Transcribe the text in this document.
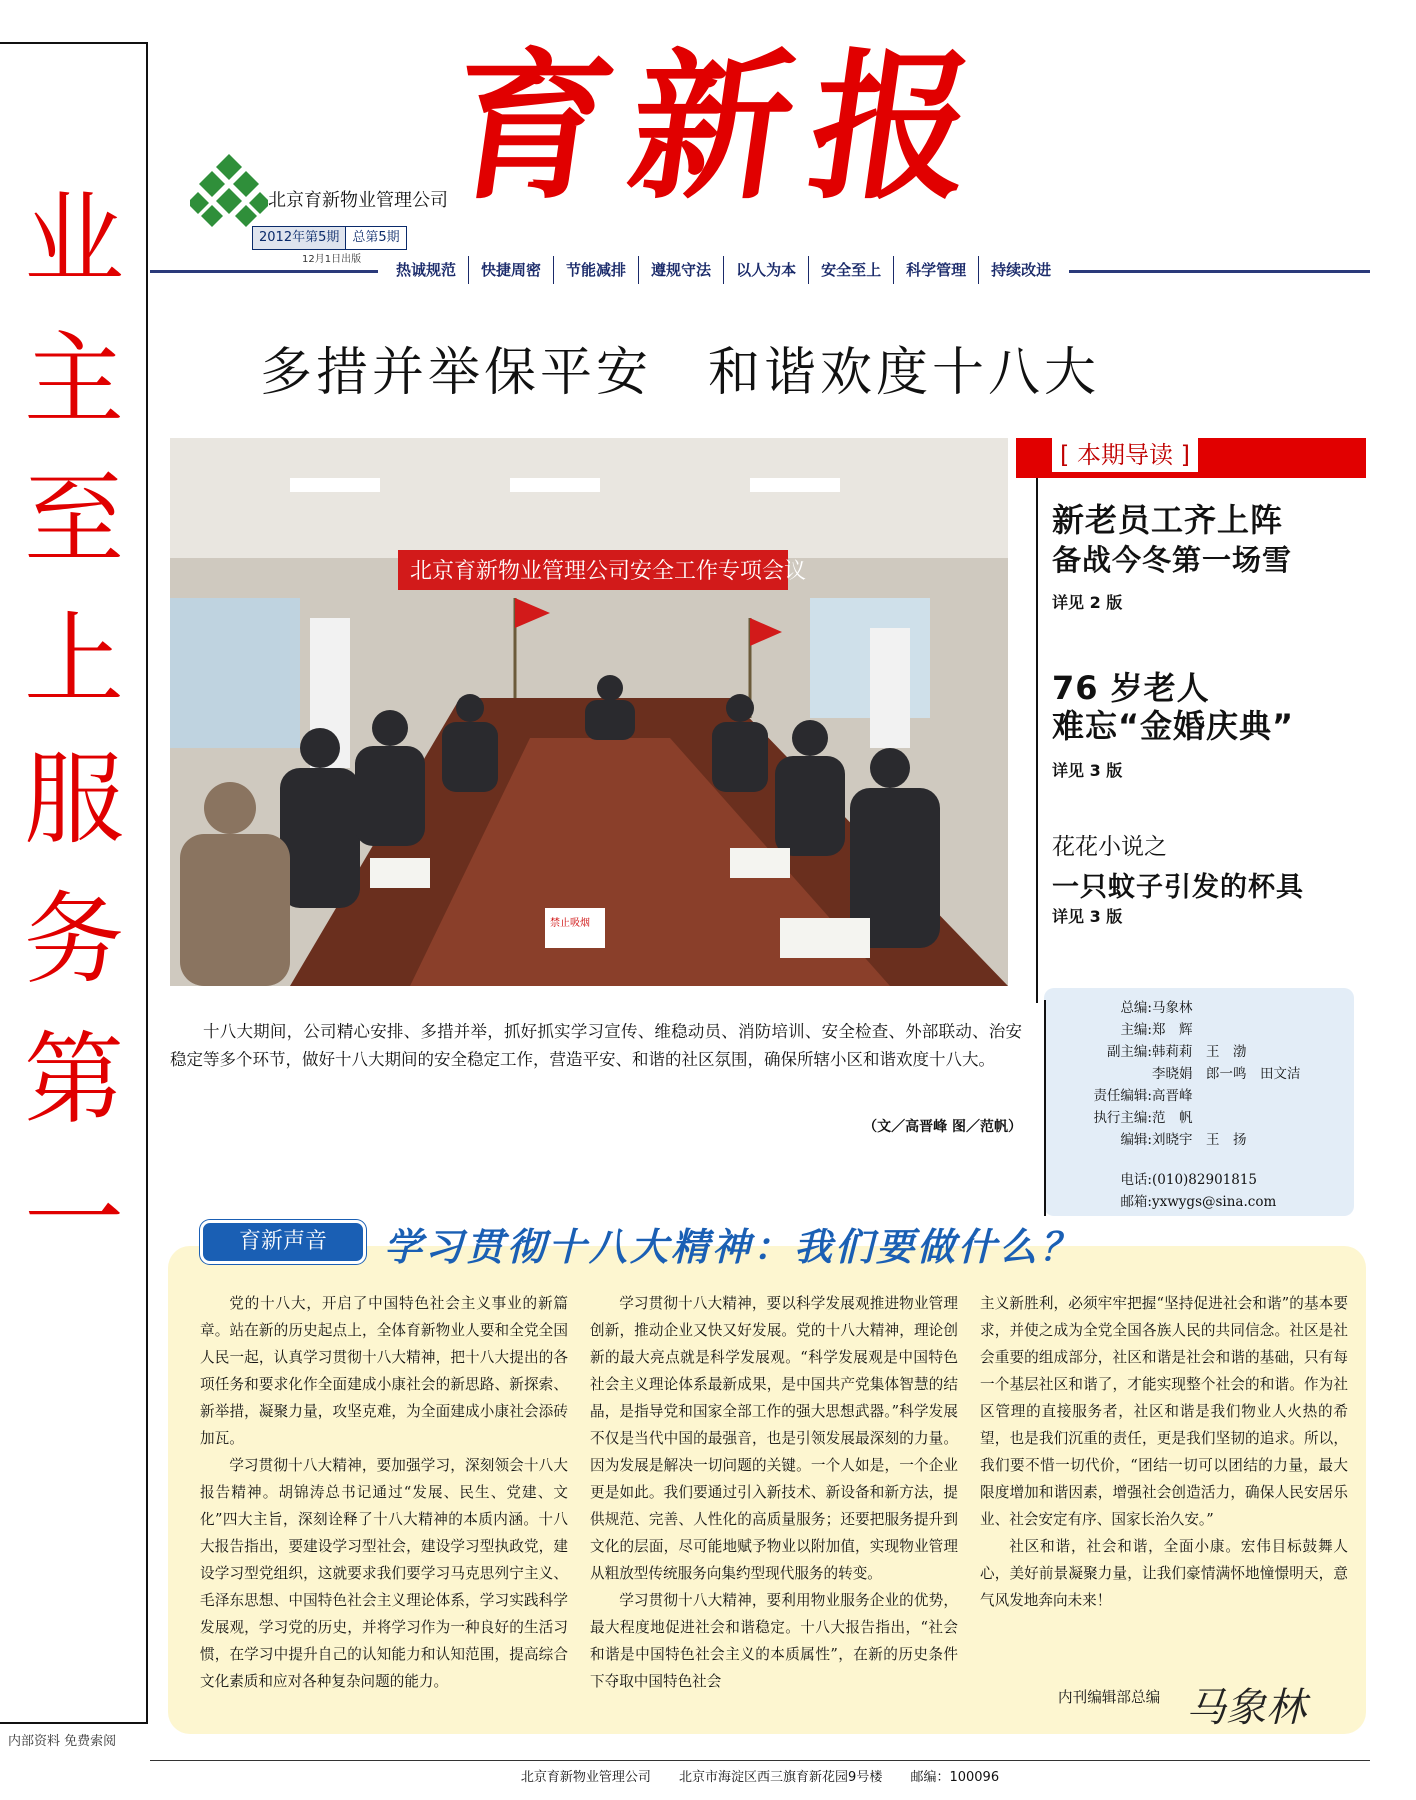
业
主
至
上
服
务
第
一
内部资料 免费索阅
育新报
北京育新物业管理公司
2012年第5期	总第5期
12月1日出版
热诚规范	快捷周密	节能减排	遵规守法	以人为本	安全至上	科学管理	持续改进
多措并举保平安　和谐欢度十八大
北京育新物业管理公司安全工作专项会议
禁止吸烟
十八大期间，公司精心安排、多措并举，抓好抓实学习宣传、维稳动员、消防培训、安全检查、外部联动、治安稳定等多个环节，做好十八大期间的安全稳定工作，营造平安、和谐的社区氛围，确保所辖小区和谐欢度十八大。
（文／高晋峰 图／范帆）
[ 本期导读 ]
新老员工齐上阵
备战今冬第一场雪
详见 2 版
76 岁老人
难忘“金婚庆典”
详见 3 版
花花小说之
一只蚊子引发的杯具
详见 3 版
总编:马象林
主编:郑　辉
副主编:韩莉莉　王　渤
李晓娟　郎一鸣　田文洁
责任编辑:高晋峰
执行主编:范　帆
编辑:刘晓宇　王　扬
电话:(010)82901815
邮箱:yxwygs@sina.com
育新声音	学习贯彻十八大精神：我们要做什么？

党的十八大，开启了中国特色社会主义事业的新篇章。站在新的历史起点上，全体育新物业人要和全党全国人民一起，认真学习贯彻十八大精神，把十八大提出的各项任务和要求化作全面建成小康社会的新思路、新探索、新举措，凝聚力量，攻坚克难，为全面建成小康社会添砖加瓦。

学习贯彻十八大精神，要加强学习，深刻领会十八大报告精神。胡锦涛总书记通过“发展、民生、党建、文化”四大主旨，深刻诠释了十八大精神的本质内涵。十八大报告指出，要建设学习型社会，建设学习型执政党，建设学习型党组织，这就要求我们要学习马克思列宁主义、毛泽东思想、中国特色社会主义理论体系，学习实践科学发展观，学习党的历史，并将学习作为一种良好的生活习惯，在学习中提升自己的认知能力和认知范围，提高综合文化素质和应对各种复杂问题的能力。

学习贯彻十八大精神，要以科学发展观推进物业管理创新，推动企业又快又好发展。党的十八大精神，理论创新的最大亮点就是科学发展观。“科学发展观是中国特色社会主义理论体系最新成果，是中国共产党集体智慧的结晶，是指导党和国家全部工作的强大思想武器。”科学发展不仅是当代中国的最强音，也是引领发展最深刻的力量。因为发展是解决一切问题的关键。一个人如是，一个企业更是如此。我们要通过引入新技术、新设备和新方法，提供规范、完善、人性化的高质量服务；还要把服务提升到文化的层面，尽可能地赋予物业以附加值，实现物业管理从粗放型传统服务向集约型现代服务的转变。

学习贯彻十八大精神，要利用物业服务企业的优势，最大程度地促进社会和谐稳定。十八大报告指出，“社会和谐是中国特色社会主义的本质属性”，在新的历史条件下夺取中国特色社会

主义新胜利，必须牢牢把握“坚持促进社会和谐”的基本要求，并使之成为全党全国各族人民的共同信念。社区是社会重要的组成部分，社区和谐是社会和谐的基础，只有每一个基层社区和谐了，才能实现整个社会的和谐。作为社区管理的直接服务者，社区和谐是我们物业人火热的希望，也是我们沉重的责任，更是我们坚韧的追求。所以，我们要不惜一切代价，“团结一切可以团结的力量，最大限度增加和谐因素，增强社会创造活力，确保人民安居乐业、社会安定有序、国家长治久安。”

社区和谐，社会和谐，全面小康。宏伟目标鼓舞人心，美好前景凝聚力量，让我们豪情满怀地憧憬明天，意气风发地奔向未来！

内刊编辑部总编 马象林
北京育新物业管理公司 北京市海淀区西三旗育新花园9号楼 邮编：100096
